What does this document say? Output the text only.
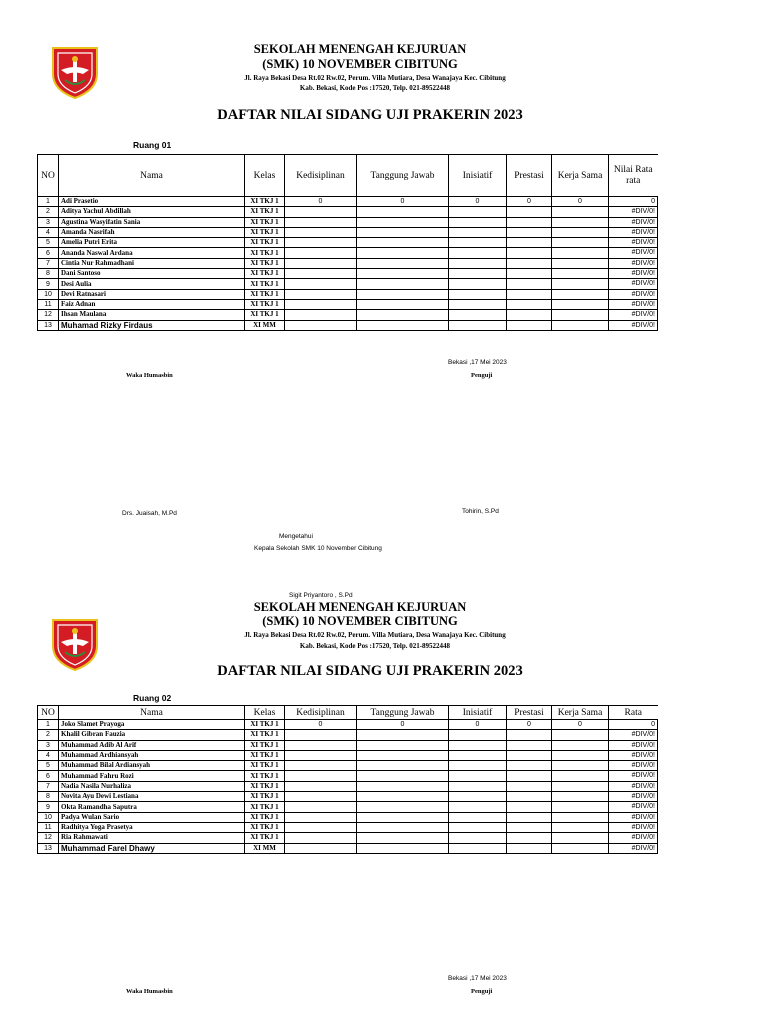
SEKOLAH MENENGAH KEJURUAN
(SMK) 10 NOVEMBER CIBITUNG
Jl. Raya Bekasi Desa Rt.02 Rw.02, Perum. Villa Mutiara, Desa Wanajaya Kec. Cibitung
Kab. Bekasi, Kode Pos :17520, Telp. 021-89522448
DAFTAR NILAI SIDANG UJI PRAKERIN 2023
Ruang 01
NO	Nama	Kelas	Kedisiplinan	Tanggung Jawab	Inisiatif	Prestasi	Kerja Sama	Nilai Rata rata
1	Adi Prasetio	XI TKJ 1	0	0	0	0	0	0
2	Aditya Yachul Abdillah	XI TKJ 1						#DIV/0!
3	Agustina Wasyifatin Sania	XI TKJ 1						#DIV/0!
4	Amanda Nasrifah	XI TKJ 1						#DIV/0!
5	Amelia Putri Erita	XI TKJ 1						#DIV/0!
6	Ananda Naswal Ardana	XI TKJ 1						#DIV/0!
7	Cintia Nur Rahmadhani	XI TKJ 1						#DIV/0!
8	Dani Santoso	XI TKJ 1						#DIV/0!
9	Desi Aulia	XI TKJ 1						#DIV/0!
10	Devi Ratnasari	XI TKJ 1						#DIV/0!
11	Faiz Adnan	XI TKJ 1						#DIV/0!
12	Ihsan Maulana	XI TKJ 1						#DIV/0!
13	Muhamad Rizky Firdaus	XI MM						#DIV/0!
Bekasi ,17 Mei 2023
Waka Humasbin	Penguji
Drs. Juaisah, M.Pd	Tohirin, S.Pd
Mengetahui
Kepala Sekolah SMK 10 November Cibitung
Sigit Priyantoro , S.Pd
SEKOLAH MENENGAH KEJURUAN
(SMK) 10 NOVEMBER CIBITUNG
Jl. Raya Bekasi Desa Rt.02 Rw.02, Perum. Villa Mutiara, Desa Wanajaya Kec. Cibitung
Kab. Bekasi, Kode Pos :17520, Telp. 021-89522448
DAFTAR NILAI SIDANG UJI PRAKERIN 2023
Ruang 02
NO	Nama	Kelas	Kedisiplinan	Tanggung Jawab	Inisiatif	Prestasi	Kerja Sama	Rata
1	Joko Slamet Prayoga	XI TKJ 1	0	0	0	0	0	0
2	Khalil Gibran Fauzia	XI TKJ 1						#DIV/0!
3	Muhammad Adib Al Arif	XI TKJ 1						#DIV/0!
4	Muhammad Ardhiansyah	XI TKJ 1						#DIV/0!
5	Muhammad Bilal Ardiansyah	XI TKJ 1						#DIV/0!
6	Muhammad Fahru Rozi	XI TKJ 1						#DIV/0!
7	Nadia Nasila Nurhaliza	XI TKJ 1						#DIV/0!
8	Novita Ayu Dewi Lestiana	XI TKJ 1						#DIV/0!
9	Okta Ramandha Saputra	XI TKJ 1						#DIV/0!
10	Padya Wulan Sario	XI TKJ 1						#DIV/0!
11	Radhitya Yoga Prasetya	XI TKJ 1						#DIV/0!
12	Ria Rahmawati	XI TKJ 1						#DIV/0!
13	Muhammad Farel Dhawy	XI MM						#DIV/0!
Bekasi ,17 Mei 2023
Waka Humasbin	Penguji
